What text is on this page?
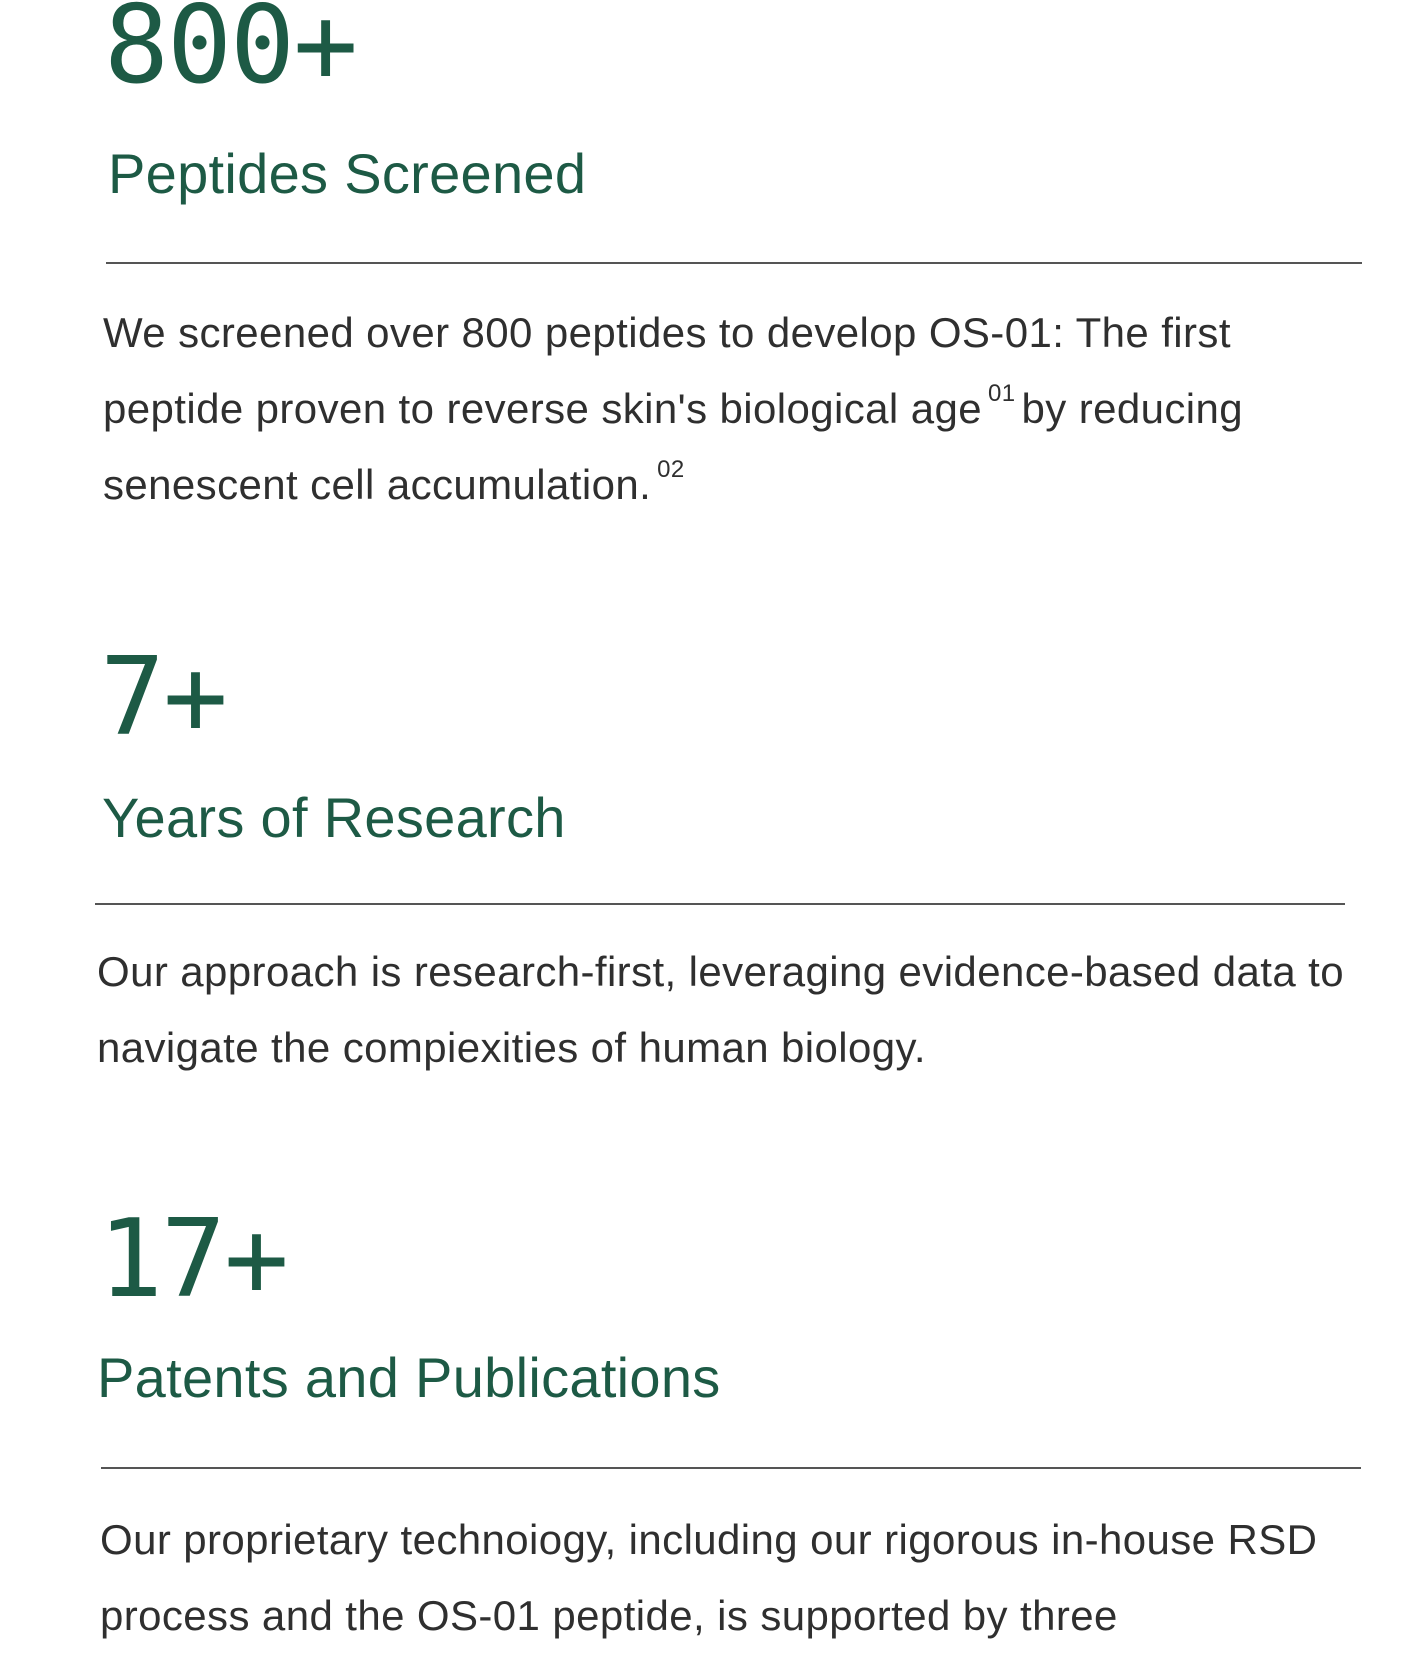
800+
Peptides Screened

We screened over 800 peptides to develop OS-01: The first peptide proven to reverse skin's biological age $^{01}$ by reducing senescent cell accumulation. $^{02}$

7+
Years of Research

Our approach is research-first, leveraging evidence-based data to navigate the compiexities of human biology.

17+
Patents and Publications

Our proprietary technoiogy, including our rigorous in-house RSD process and the OS-01 peptide, is supported by three
